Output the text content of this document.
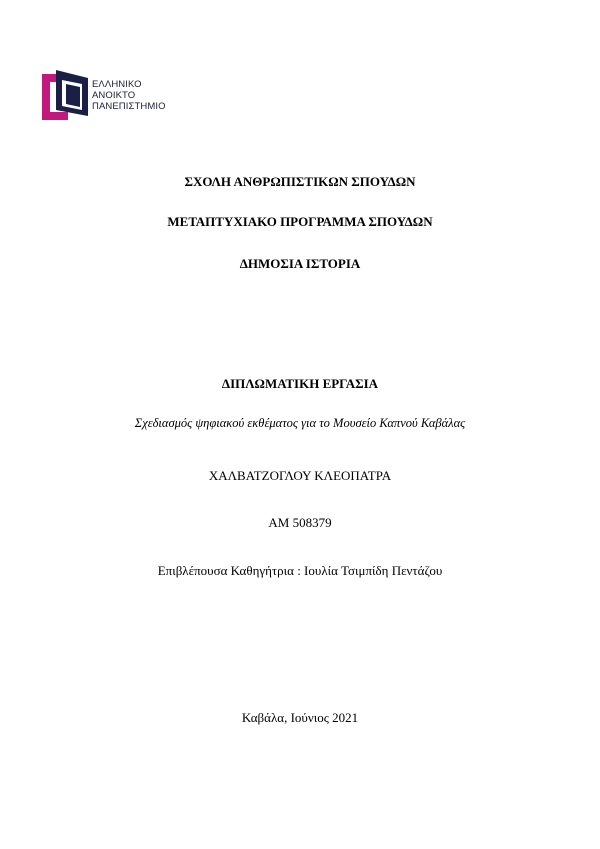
ΕΛΛΗΝΙΚΟ
ΑΝΟΙΚΤΟ
ΠΑΝΕΠΙΣΤΗΜΙΟ
ΣΧΟΛΗ ΑΝΘΡΩΠΙΣΤΙΚΩΝ ΣΠΟΥΔΩΝ
ΜΕΤΑΠΤΥΧΙΑΚΟ ΠΡΟΓΡΑΜΜΑ ΣΠΟΥΔΩΝ
ΔΗΜΟΣΙΑ ΙΣΤΟΡΙΑ
ΔΙΠΛΩΜΑΤΙΚΗ ΕΡΓΑΣΙΑ
Σχεδιασμός ψηφιακού εκθέματος για το Μουσείο Καπνού Καβάλας
ΧΑΛΒΑΤΖΟΓΛΟΥ ΚΛΕΟΠΑΤΡΑ
ΑΜ 508379
Επιβλέπουσα Καθηγήτρια : Ιουλία Τσιμπίδη Πεντάζου
Καβάλα, Ιούνιος 2021
